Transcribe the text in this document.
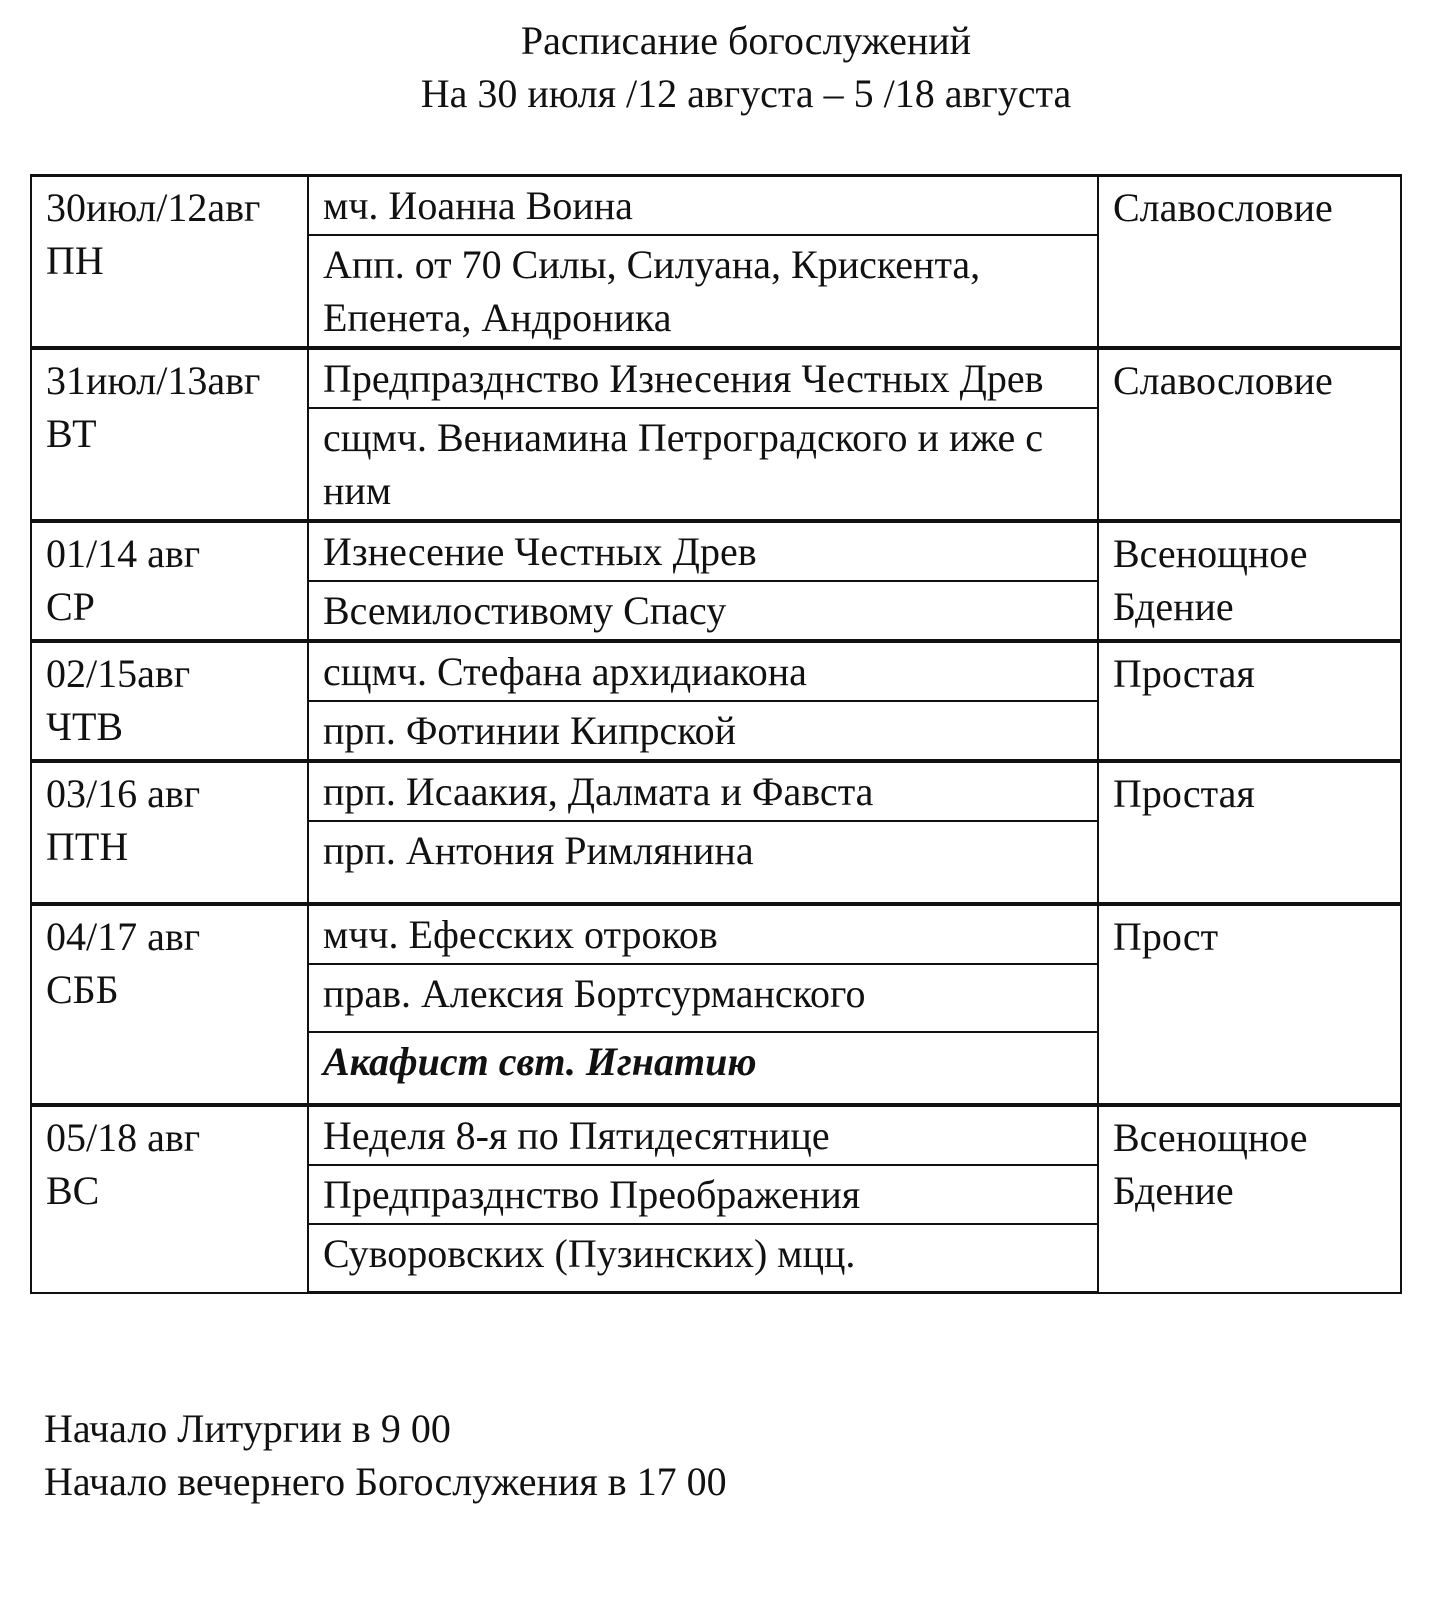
Расписание богослужений
На 30 июля /12 августа – 5 /18 августа
30июл/12авг
ПН	мч. Иоанна Воина	Славословие
	Апп. от 70 Силы, Силуана, Крискента, Епенета, Андроника	

31июл/13авг
ВТ	Предпразднство Изнесения Честных Древ	Славословие
	сщмч. Вениамина Петроградского и иже с ним	

01/14 авг
СР	Изнесение Честных Древ	Всенощное Бдение
	Всемилостивому Спасу	

02/15авг
ЧТВ	сщмч. Стефана архидиакона	Простая
	прп. Фотинии Кипрской	

03/16 авг
ПТН	прп. Исаакия, Далмата и Фавста	Простая
	прп. Антония Римлянина	

04/17 авг
СББ	мчч. Ефесских отроков	Прост
	прав. Алексия Бортсурманского	
	Акафист свт. Игнатию	

05/18 авг
ВС	Неделя 8-я по Пятидесятнице	Всенощное Бдение
	Предпразднство Преображения	
	Суворовских (Пузинских) мцц.	
Начало Литургии в 9 00
Начало вечернего Богослужения в 17 00
